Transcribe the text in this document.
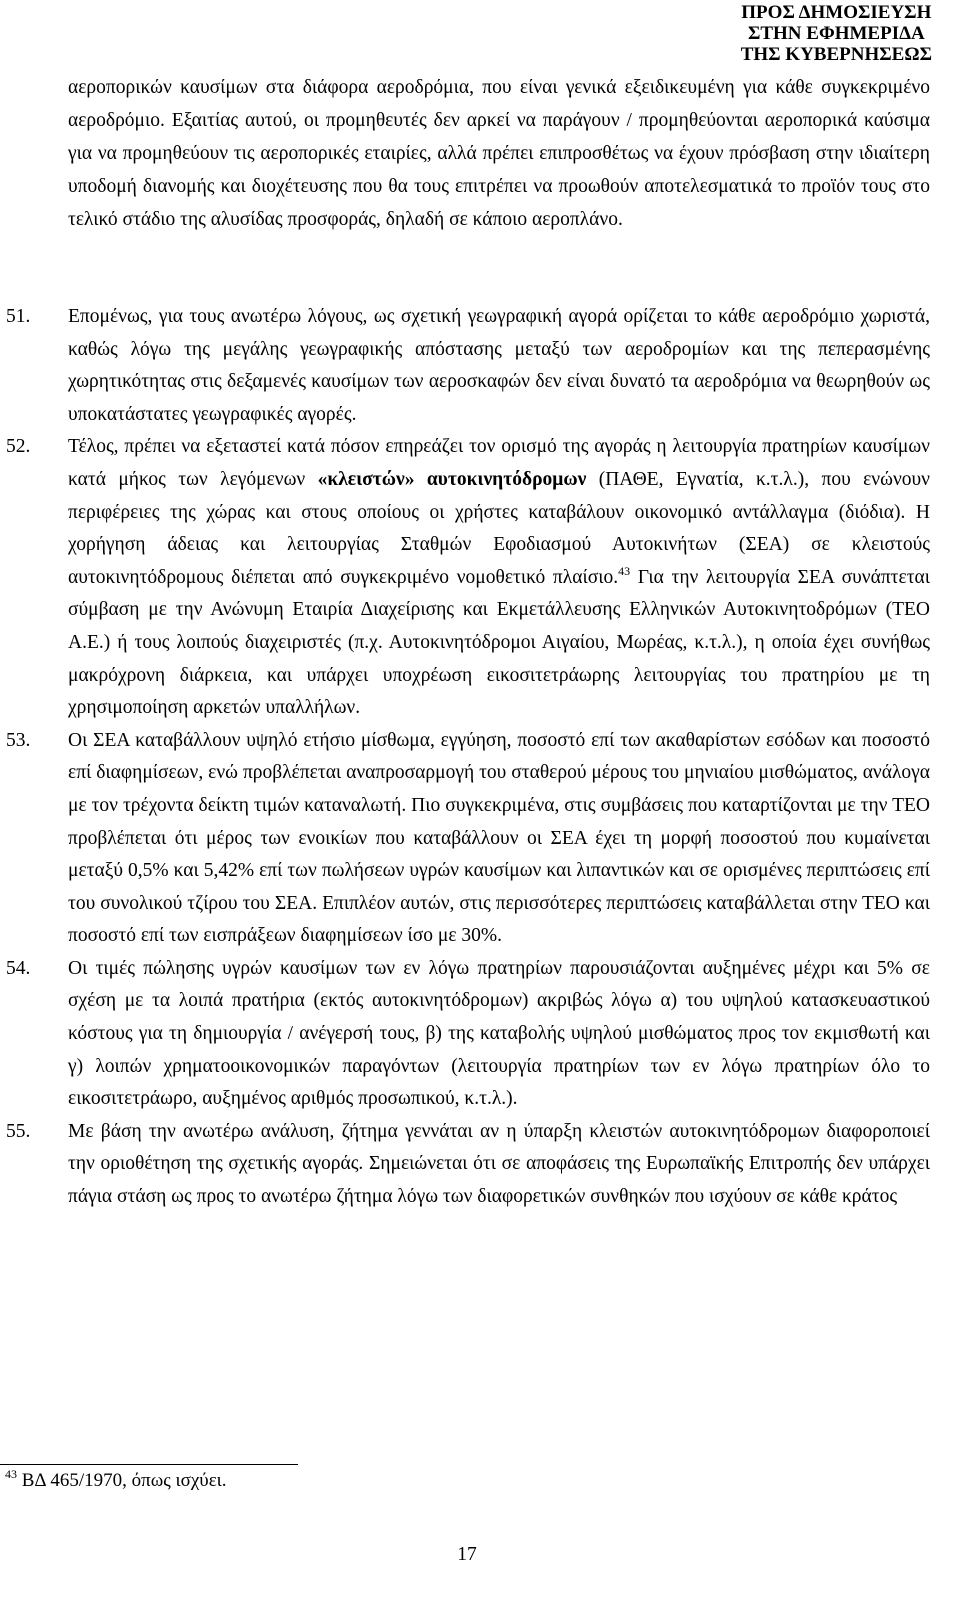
ΠΡΟΣ ΔΗΜΟΣΙΕΥΣΗ
ΣΤΗΝ ΕΦΗΜΕΡΙΔΑ
ΤΗΣ ΚΥΒΕΡΝΗΣΕΩΣ
αεροπορικών καυσίμων στα διάφορα αεροδρόμια, που είναι γενικά εξειδικευμένη για κάθε συγκεκριμένο αεροδρόμιο. Εξαιτίας αυτού, οι προμηθευτές δεν αρκεί να παράγουν / προμηθεύονται αεροπορικά καύσιμα για να προμηθεύουν τις αεροπορικές εταιρίες, αλλά πρέπει επιπροσθέτως να έχουν πρόσβαση στην ιδιαίτερη υποδομή διανομής και διοχέτευσης που θα τους επιτρέπει να προωθούν αποτελεσματικά το προϊόν τους στο τελικό στάδιο της αλυσίδας προσφοράς, δηλαδή σε κάποιο αεροπλάνο.
51. Επομένως, για τους ανωτέρω λόγους, ως σχετική γεωγραφική αγορά ορίζεται το κάθε αεροδρόμιο χωριστά, καθώς λόγω της μεγάλης γεωγραφικής απόστασης μεταξύ των αεροδρομίων και της πεπερασμένης χωρητικότητας στις δεξαμενές καυσίμων των αεροσκαφών δεν είναι δυνατό τα αεροδρόμια να θεωρηθούν ως υποκατάστατες γεωγραφικές αγορές.

52. Τέλος, πρέπει να εξεταστεί κατά πόσον επηρεάζει τον ορισμό της αγοράς η λειτουργία πρατηρίων καυσίμων κατά μήκος των λεγόμενων «κλειστών» αυτοκινητόδρομων (ΠΑΘΕ, Εγνατία, κ.τ.λ.), που ενώνουν περιφέρειες της χώρας και στους οποίους οι χρήστες καταβάλουν οικονομικό αντάλλαγμα (διόδια). Η χορήγηση άδειας και λειτουργίας Σταθμών Εφοδιασμού Αυτοκινήτων (ΣΕΑ) σε κλειστούς αυτοκινητόδρομους διέπεται από συγκεκριμένο νομοθετικό πλαίσιο.$^{43}$ Για την λειτουργία ΣΕΑ συνάπτεται σύμβαση με την Ανώνυμη Εταιρία Διαχείρισης και Εκμετάλλευσης Ελληνικών Αυτοκινητοδρόμων (ΤΕΟ Α.Ε.) ή τους λοιπούς διαχειριστές (π.χ. Αυτοκινητόδρομοι Αιγαίου, Μωρέας, κ.τ.λ.), η οποία έχει συνήθως μακρόχρονη διάρκεια, και υπάρχει υποχρέωση εικοσιτετράωρης λειτουργίας του πρατηρίου με τη χρησιμοποίηση αρκετών υπαλλήλων.

53. Οι ΣΕΑ καταβάλλουν υψηλό ετήσιο μίσθωμα, εγγύηση, ποσοστό επί των ακαθαρίστων εσόδων και ποσοστό επί διαφημίσεων, ενώ προβλέπεται αναπροσαρμογή του σταθερού μέρους του μηνιαίου μισθώματος, ανάλογα με τον τρέχοντα δείκτη τιμών καταναλωτή. Πιο συγκεκριμένα, στις συμβάσεις που καταρτίζονται με την ΤΕΟ προβλέπεται ότι μέρος των ενοικίων που καταβάλλουν οι ΣΕΑ έχει τη μορφή ποσοστού που κυμαίνεται μεταξύ 0,5% και 5,42% επί των πωλήσεων υγρών καυσίμων και λιπαντικών και σε ορισμένες περιπτώσεις επί του συνολικού τζίρου του ΣΕΑ. Επιπλέον αυτών, στις περισσότερες περιπτώσεις καταβάλλεται στην ΤΕΟ και ποσοστό επί των εισπράξεων διαφημίσεων ίσο με 30%.

54. Οι τιμές πώλησης υγρών καυσίμων των εν λόγω πρατηρίων παρουσιάζονται αυξημένες μέχρι και 5% σε σχέση με τα λοιπά πρατήρια (εκτός αυτοκινητόδρομων) ακριβώς λόγω α) του υψηλού κατασκευαστικού κόστους για τη δημιουργία / ανέγερσή τους, β) της καταβολής υψηλού μισθώματος προς τον εκμισθωτή και γ) λοιπών χρηματοοικονομικών παραγόντων (λειτουργία πρατηρίων των εν λόγω πρατηρίων όλο το εικοσιτετράωρο, αυξημένος αριθμός προσωπικού, κ.τ.λ.).

55. Με βάση την ανωτέρω ανάλυση, ζήτημα γεννάται αν η ύπαρξη κλειστών αυτοκινητόδρομων διαφοροποιεί την οριοθέτηση της σχετικής αγοράς. Σημειώνεται ότι σε αποφάσεις της Ευρωπαϊκής Επιτροπής δεν υπάρχει πάγια στάση ως προς το ανωτέρω ζήτημα λόγω των διαφορετικών συνθηκών που ισχύουν σε κάθε κράτος

$^{43}$ ΒΔ 465/1970, όπως ισχύει.
17
